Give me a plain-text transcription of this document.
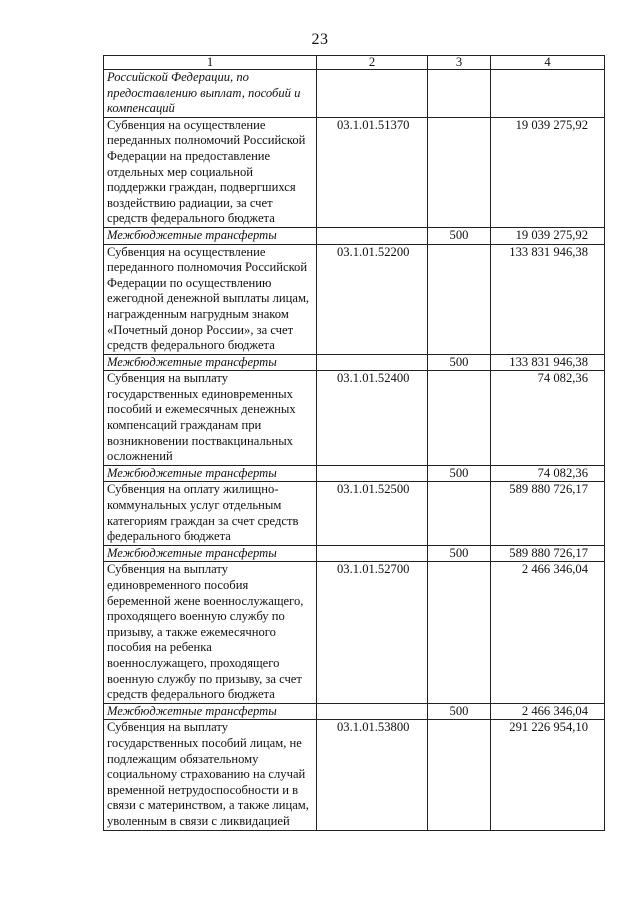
23
1	2	3	4
Российской Федерации, по предоставлению выплат, пособий и компенсаций			
Субвенция на осуществление переданных полномочий Российской Федерации на предоставление отдельных мер социальной поддержки граждан, подвергшихся воздействию радиации, за счет средств федерального бюджета	03.1.01.51370		19 039 275,92
Межбюджетные трансферты		500	19 039 275,92
Субвенция на осуществление переданного полномочия Российской Федерации по осуществлению ежегодной денежной выплаты лицам, награжденным нагрудным знаком «Почетный донор России», за счет средств федерального бюджета	03.1.01.52200		133 831 946,38
Межбюджетные трансферты		500	133 831 946,38
Субвенция на выплату государственных единовременных пособий и ежемесячных денежных компенсаций гражданам при возникновении поствакцинальных осложнений	03.1.01.52400		74 082,36
Межбюджетные трансферты		500	74 082,36
Субвенция на оплату жилищно-коммунальных услуг отдельным категориям граждан за счет средств федерального бюджета	03.1.01.52500		589 880 726,17
Межбюджетные трансферты		500	589 880 726,17
Субвенция на выплату единовременного пособия беременной жене военнослужащего, проходящего военную службу по призыву, а также ежемесячного пособия на ребенка военнослужащего, проходящего военную службу по призыву, за счет средств федерального бюджета	03.1.01.52700		2 466 346,04
Межбюджетные трансферты		500	2 466 346,04
Субвенция на выплату государственных пособий лицам, не подлежащим обязательному социальному страхованию на случай временной нетрудоспособности и в связи с материнством, а также лицам, уволенным в связи с ликвидацией	03.1.01.53800		291 226 954,10
